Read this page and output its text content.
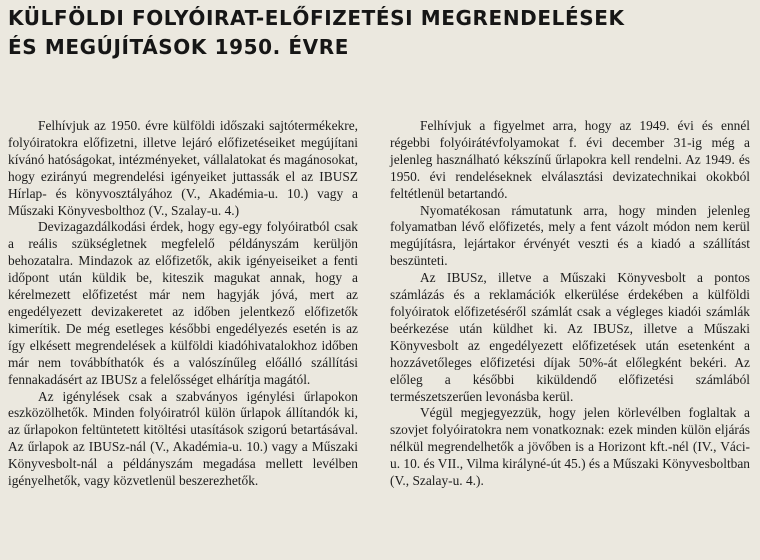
KÜLFÖLDI FOLYÓIRAT-ELŐFIZETÉSI MEGRENDELÉSEK
ÉS MEGÚJÍTÁSOK 1950. ÉVRE

Felhívjuk az 1950. évre külföldi időszaki sajtótermékekre, folyóiratokra előfizetni, illetve lejáró előfizetéseiket megújítani kívánó hatóságokat, intézményeket, vállalatokat és magánosokat, hogy ezirányú megrendelési igényeiket juttassák el az IBUSZ Hírlap- és könyvosztályához (V., Akadémia-u. 10.) vagy a Műszaki Könyvesbolthoz (V., Szalay-u. 4.)

Devizagazdálkodási érdek, hogy egy-egy folyóiratból csak a reális szükségletnek megfelelő példányszám kerüljön behozatalra. Mindazok az előfizetők, akik igényeiseiket a fenti időpont után küldik be, kiteszik magukat annak, hogy a kérelmezett előfizetést már nem hagyják jóvá, mert az engedélyezett devizakeretet az időben jelentkező előfizetők kimerítik. De még esetleges későbbi engedélyezés esetén is az így elkésett megrendelések a külföldi kiadóhivatalokhoz időben már nem továbbíthatók és a valószínűleg előálló szállítási fennakadásért az IBUSz a felelősséget elhárítja magától.

Az igénylések csak a szabványos igénylési űrlapokon eszközölhetők. Minden folyóiratról külön űrlapok állítandók ki, az űrlapokon feltüntetett kitöltési utasítások szigorú betartásával. Az űrlapok az IBUSz-nál (V., Akadémia-u. 10.) vagy a Műszaki Könyvesbolt-nál a példányszám megadása mellett levélben igényelhetők, vagy közvetlenül beszerezhetők.

Felhívjuk a figyelmet arra, hogy az 1949. évi és ennél régebbi folyóirátévfolyamokat f. évi december 31-ig még a jelenleg használható kékszínű űrlapokra kell rendelni. Az 1949. és 1950. évi rendeléseknek elválasztási devizatechnikai okokból feltétlenül betartandó.

Nyomatékosan rámutatunk arra, hogy minden jelenleg folyamatban lévő előfizetés, mely a fent vázolt módon nem kerül megújításra, lejártakor érvényét veszti és a kiadó a szállítást beszünteti.

Az IBUSz, illetve a Műszaki Könyvesbolt a pontos számlázás és a reklamációk elkerülése érdekében a külföldi folyóiratok előfizetéséről számlát csak a végleges kiadói számlák beérkezése után küldhet ki. Az IBUSz, illetve a Műszaki Könyvesbolt az engedélyezett előfizetések után esetenként a hozzávetőleges előfizetési díjak 50%-át előlegként bekéri. Az előleg a későbbi kiküldendő előfizetési számlából természetszerűen levonásba kerül.

Végül megjegyezzük, hogy jelen körlevélben foglaltak a szovjet folyóiratokra nem vonatkoznak: ezek minden külön eljárás nélkül megrendelhetők a jövőben is a Horizont kft.-nél (IV., Váci-u. 10. és VII., Vilma királyné-út 45.) és a Műszaki Könyvesboltban (V., Szalay-u. 4.).
